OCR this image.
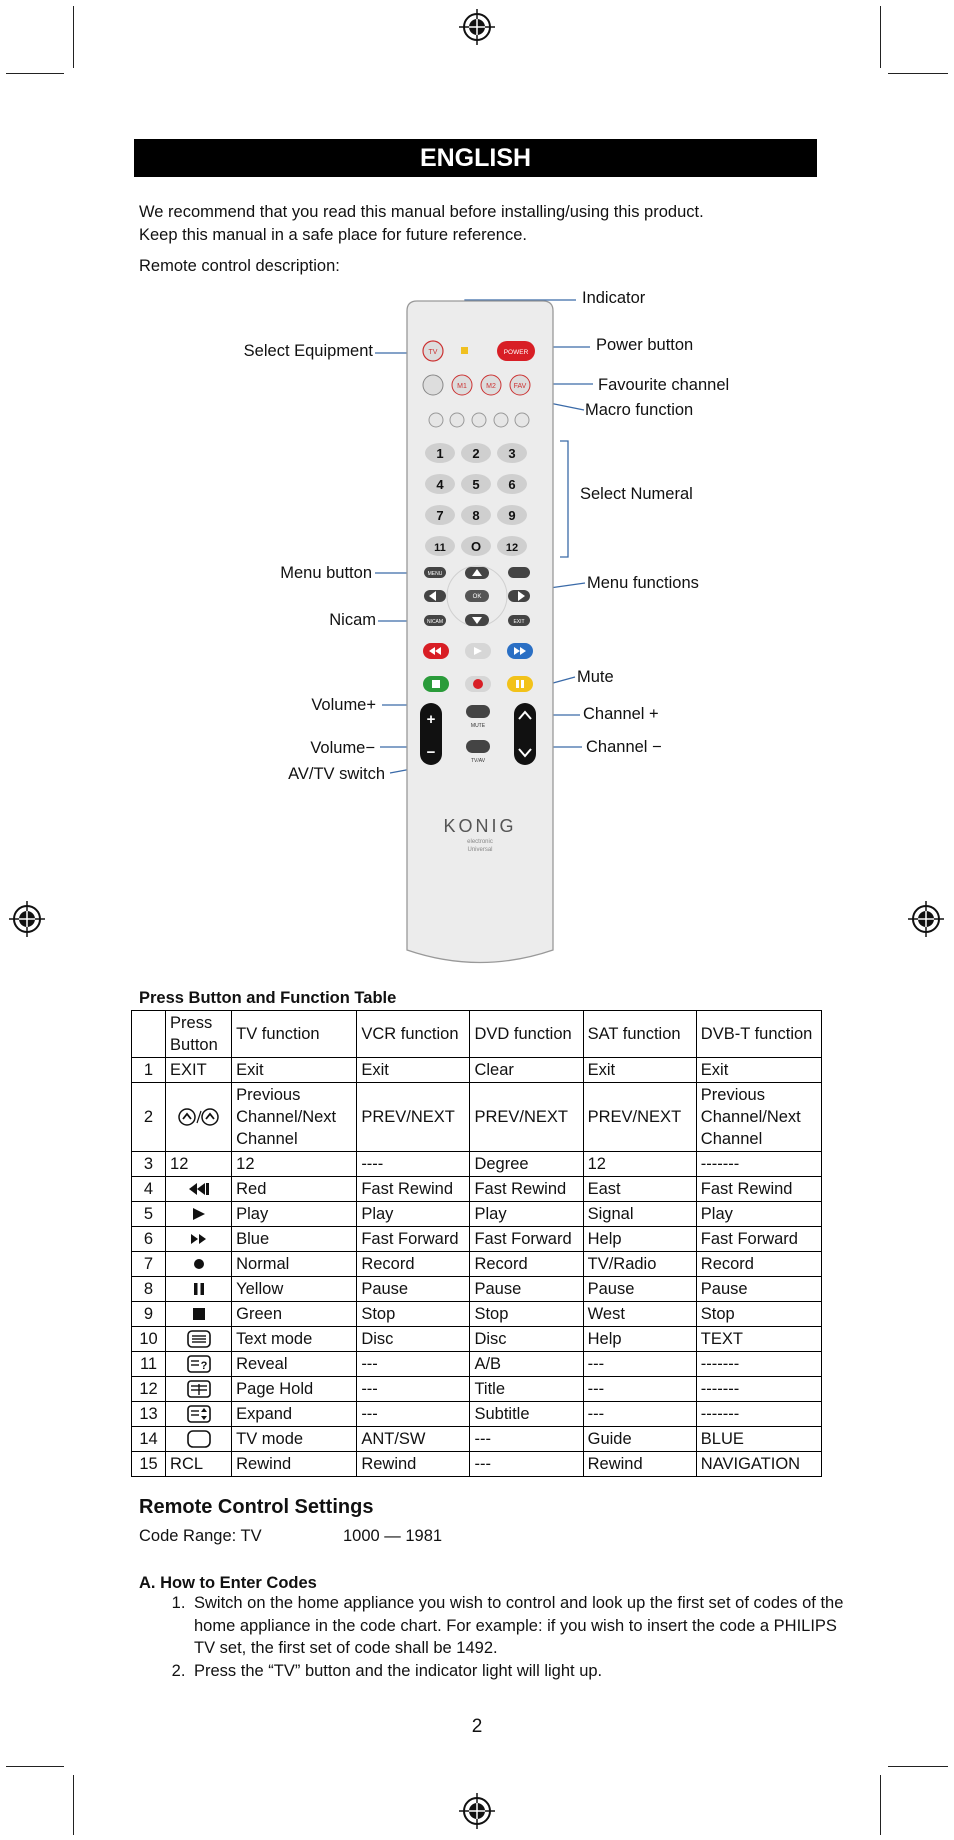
ENGLISH
We recommend that you read this manual before installing/using this product.
Keep this manual in a safe place for future reference.
Remote control description:
TV	POWER
M1	M2	FAV
1 2 3
4 5 6
7 8 9
11 O 12
MENU
OK
NICAM	EXIT
+
−
MUTE
TV/AV
KONIG
electronic
Universal
Indicator
Select Equipment	Power button
Favourite channel
Macro function
Select Numeral
Menu button
Menu functions
Nicam
Mute
Volume+	Channel +
Volume−	Channel −
AV/TV switch
Press Button and Function Table
	Press Button	TV function	VCR function	DVD function	SAT function	DVB-T function
1	EXIT	Exit	Exit	Clear	Exit	Exit
2		Previous Channel/Next Channel	PREV/NEXT	PREV/NEXT	PREV/NEXT	Previous Channel/Next Channel
3	12	12	----	Degree	12	-------
4		Red	Fast Rewind	Fast Rewind	East	Fast Rewind
5		Play	Play	Play	Signal	Play
6		Blue	Fast Forward	Fast Forward	Help	Fast Forward
7		Normal	Record	Record	TV/Radio	Record
8		Yellow	Pause	Pause	Pause	Pause
9		Green	Stop	Stop	West	Stop
10		Text mode	Disc	Disc	Help	TEXT
11	?	Reveal	---	A/B	---	-------
12		Page Hold	---	Title	---	-------
13		Expand	---	Subtitle	---	-------
14		TV mode	ANT/SW	---	Guide	BLUE
15	RCL	Rewind	Rewind	---	Rewind	NAVIGATION
Remote Control Settings
Code Range: TV	1000 — 1981
A. How to Enter Codes
1. Switch on the home appliance you wish to control and look up the first set of codes of the home appliance in the code chart. For example: if you wish to insert the code a PHILIPS TV set, the first set of code shall be 1492.
2. Press the “TV” button and the indicator light will light up.
2
